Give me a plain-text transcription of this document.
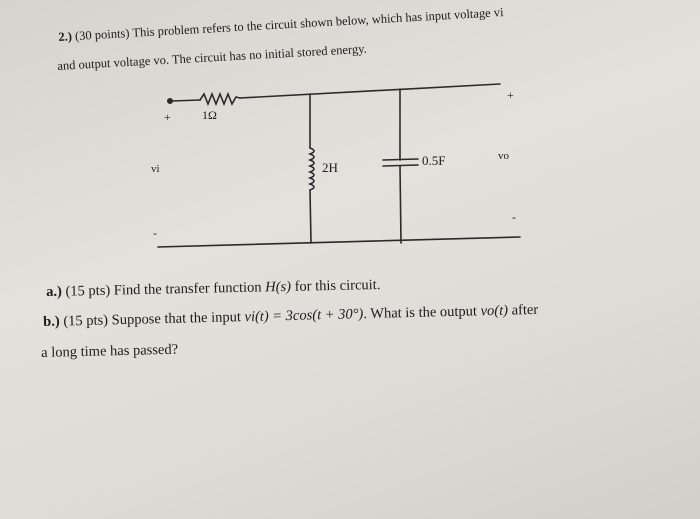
2.) (30 points) This problem refers to the circuit shown below, which has input voltage vi
and output voltage vo. The circuit has no initial stored energy.
+	1Ω
vi
-
2H	0.5F
+
vo
-
a.) (15 pts) Find the transfer function H(s) for this circuit.
b.) (15 pts) Suppose that the input vi(t) = 3cos(t + 30°). What is the output vo(t) after
a long time has passed?
